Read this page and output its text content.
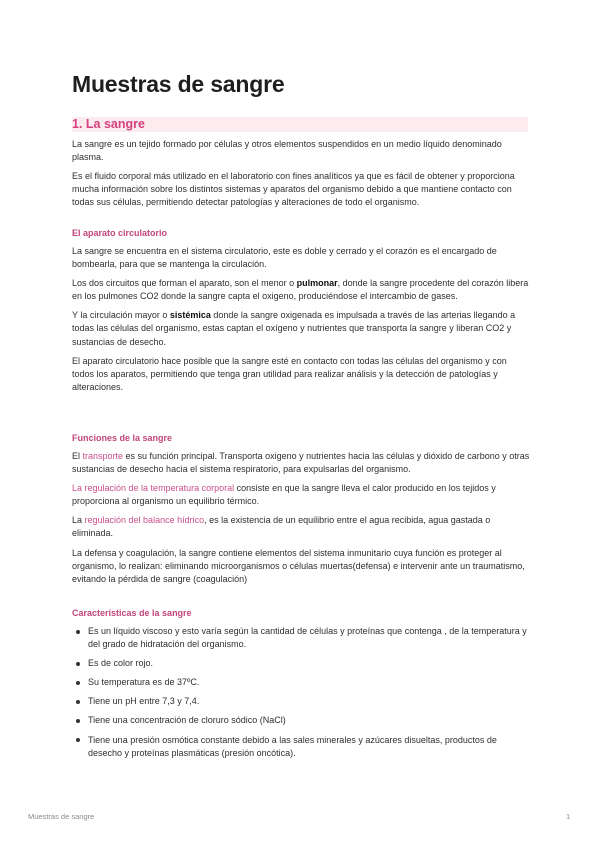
Muestras de sangre
1. La sangre

La sangre es un tejido formado por células y otros elementos suspendidos en un medio líquido denominado plasma.

Es el fluido corporal más utilizado en el laboratorio con fines analíticos ya que es fácil de obtener y proporciona mucha información sobre los distintos sistemas y aparatos del organismo debido a que mantiene contacto con todas sus células, permitiendo detectar patologías y alteraciones de todo el organismo.

El aparato circulatorio

La sangre se encuentra en el sistema circulatorio, este es doble y cerrado y el corazón es el encargado de bombearla, para que se mantenga la circulación.

Los dos circuitos que forman el aparato, son el menor o pulmonar, donde la sangre procedente del corazón libera en los pulmones CO2 donde la sangre capta el oxigeno, produciéndose el intercambio de gases.

Y la circulación mayor o sistémica donde la sangre oxigenada es impulsada a través de las arterias llegando a todas las células del organismo, estas captan el oxígeno y nutrientes que transporta la sangre y liberan CO2 y sustancias de desecho.

El aparato circulatorio hace posible que la sangre esté en contacto con todas las células del organismo y con todos los aparatos, permitiendo que tenga gran utilidad para realizar análisis y la detección de patologías y alteraciones.

Funciones de la sangre

El transporte es su función principal. Transporta oxigeno y nutrientes hacia las células y dióxido de carbono y otras sustancias de desecho hacia el sistema respiratorio, para expulsarlas del organismo.

La regulación de la temperatura corporal consiste en que la sangre lleva el calor producido en los tejidos y proporciona al organismo un equilibrio térmico.

La regulación del balance hídrico, es la existencia de un equilibrio entre el agua recibida, agua gastada o eliminada.

La defensa y coagulación, la sangre contiene elementos del sistema inmunitario cuya función es proteger al organismo, lo realizan: eliminando microorganismos o células muertas(defensa) e intervenir ante un traumatismo, evitando la pérdida de sangre (coagulación)

Características de la sangre
Es un líquido viscoso y esto varía según la cantidad de células y proteínas que contenga , de la temperatura y del grado de hidratación del organismo.
Es de color rojo.
Su temperatura es de 37ºC.
Tiene un pH entre 7,3 y 7,4.
Tiene una concentración de cloruro sódico (NaCl)
Tiene una presión osmótica constante debido a las sales minerales y azúcares disueltas, productos de desecho y proteínas plasmáticas (presión oncótica).
Muestras de sangre	1
